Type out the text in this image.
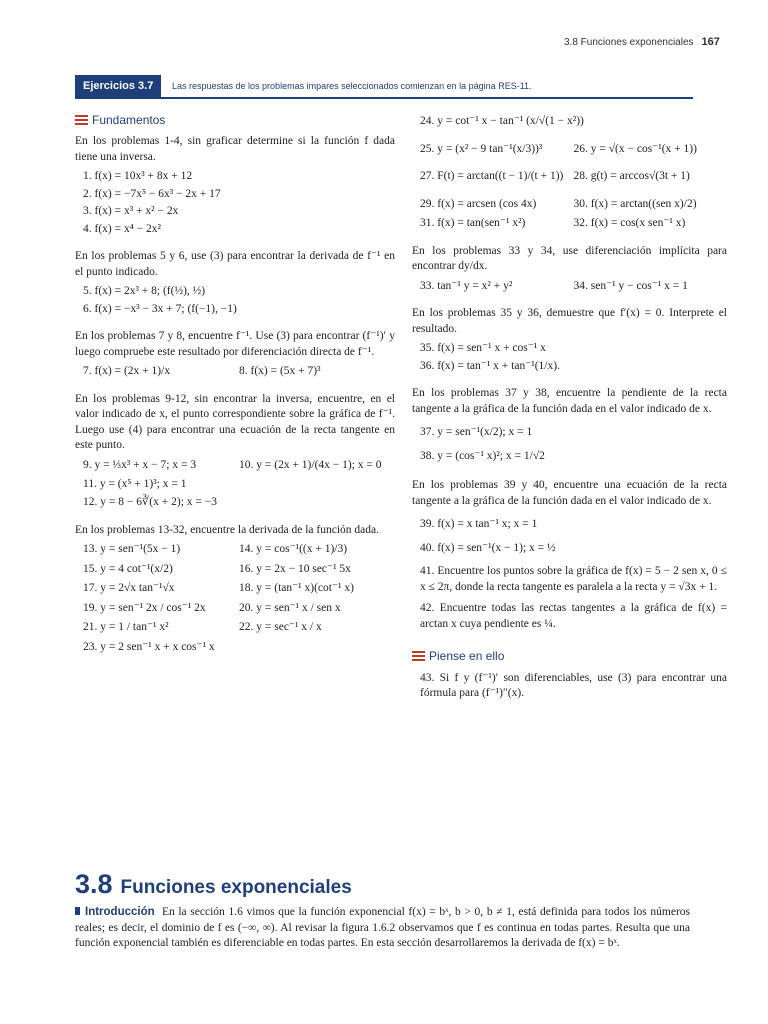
3.8 Funciones exponenciales 167
Ejercicios 3.7	Las respuestas de los problemas impares seleccionados comienzan en la página RES-11.
Fundamentos
En los problemas 1-4, sin graficar determine si la función f dada tiene una inversa.
1. f(x) = 10x³ + 8x + 12
2. f(x) = −7x⁵ − 6x³ − 2x + 17
3. f(x) = x³ + x² − 2x
4. f(x) = x⁴ − 2x²
En los problemas 5 y 6, use (3) para encontrar la derivada de f⁻¹ en el punto indicado.
5. f(x) = 2x³ + 8; (f(½), ½)
6. f(x) = −x³ − 3x + 7; (f(−1), −1)
En los problemas 7 y 8, encuentre f⁻¹. Use (3) para encontrar (f⁻¹)′ y luego compruebe este resultado por diferenciación directa de f⁻¹.
7. f(x) = (2x + 1)/x	8. f(x) = (5x + 7)³
En los problemas 9-12, sin encontrar la inversa, encuentre, en el valor indicado de x, el punto correspondiente sobre la gráfica de f⁻¹. Luego use (4) para encontrar una ecuación de la recta tangente en este punto.
9. y = ⅓x³ + x − 7; x = 3	10. y = (2x + 1)/(4x − 1); x = 0
11. y = (x⁵ + 1)³; x = 1
12. y = 8 − 6∛(x + 2); x = −3
En los problemas 13-32, encuentre la derivada de la función dada.
13. y = sen⁻¹(5x − 1)	14. y = cos⁻¹((x + 1)/3)
15. y = 4 cot⁻¹(x/2)	16. y = 2x − 10 sec⁻¹ 5x
17. y = 2√x tan⁻¹√x	18. y = (tan⁻¹ x)(cot⁻¹ x)
19. y = sen⁻¹ 2x / cos⁻¹ 2x	20. y = sen⁻¹ x / sen x
21. y = 1 / tan⁻¹ x²	22. y = sec⁻¹ x / x
23. y = 2 sen⁻¹ x + x cos⁻¹ x
24. y = cot⁻¹ x − tan⁻¹ (x/√(1 − x²))
25. y = (x² − 9 tan⁻¹(x/3))³	26. y = √(x − cos⁻¹(x + 1))
27. F(t) = arctan((t − 1)/(t + 1)) 28. g(t) = arccos√(3t + 1)
29. f(x) = arcsen (cos 4x)	30. f(x) = arctan((sen x)/2)
31. f(x) = tan(sen⁻¹ x²)	32. f(x) = cos(x sen⁻¹ x)
En los problemas 33 y 34, use diferenciación implícita para encontrar dy/dx.
33. tan⁻¹ y = x² + y²	34. sen⁻¹ y − cos⁻¹ x = 1
En los problemas 35 y 36, demuestre que f′(x) = 0. Interprete el resultado.
35. f(x) = sen⁻¹ x + cos⁻¹ x
36. f(x) = tan⁻¹ x + tan⁻¹(1/x).
En los problemas 37 y 38, encuentre la pendiente de la recta tangente a la gráfica de la función dada en el valor indicado de x.
37. y = sen⁻¹(x/2); x = 1
38. y = (cos⁻¹ x)²; x = 1/√2
En los problemas 39 y 40, encuentre una ecuación de la recta tangente a la gráfica de la función dada en el valor indicado de x.
39. f(x) = x tan⁻¹ x; x = 1
40. f(x) = sen⁻¹(x − 1); x = ½
41. Encuentre los puntos sobre la gráfica de f(x) = 5 − 2 sen x, 0 ≤ x ≤ 2π, donde la recta tangente es paralela a la recta y = √3x + 1.
42. Encuentre todas las rectas tangentes a la gráfica de f(x) = arctan x cuya pendiente es ¼.
Piense en ello
43. Si f y (f⁻¹)′ son diferenciables, use (3) para encontrar una fórmula para (f⁻¹)″(x).
3.8 Funciones exponenciales
Introducción En la sección 1.6 vimos que la función exponencial f(x) = bˣ, b > 0, b ≠ 1, está definida para todos los números reales; es decir, el dominio de f es (−∞, ∞). Al revisar la figura 1.6.2 observamos que f es continua en todas partes. Resulta que una función exponencial también es diferenciable en todas partes. En esta sección desarrollaremos la derivada de f(x) = bˣ.
